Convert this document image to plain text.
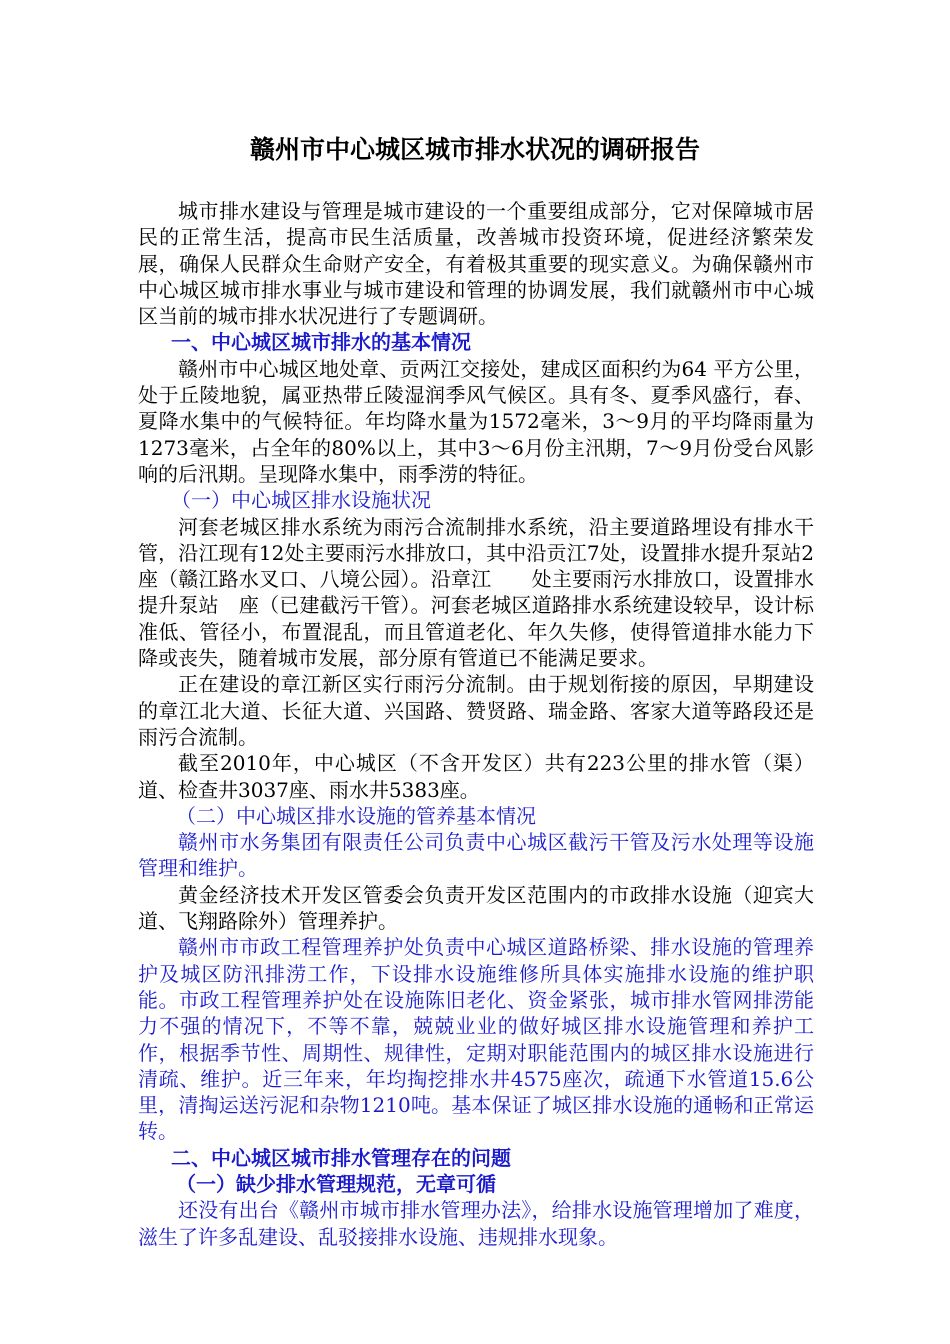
赣州市中心城区城市排水状况的调研报告

城市排水建设与管理是城市建设的一个重要组成部分，它对保障城市居民的正常生活，提高市民生活质量，改善城市投资环境，促进经济繁荣发展，确保人民群众生命财产安全，有着极其重要的现实意义。为确保赣州市中心城区城市排水事业与城市建设和管理的协调发展，我们就赣州市中心城区当前的城市排水状况进行了专题调研。

一、中心城区城市排水的基本情况

赣州市中心城区地处章、贡两江交接处，建成区面积约为64 平方公里，处于丘陵地貌，属亚热带丘陵湿润季风气候区。具有冬、夏季风盛行，春、夏降水集中的气候特征。年均降水量为1572毫米，3～9月的平均降雨量为1273毫米，占全年的80%以上，其中3～6月份主汛期，7～9月份受台风影响的后汛期。呈现降水集中，雨季涝的特征。

（一）中心城区排水设施状况

河套老城区排水系统为雨污合流制排水系统，沿主要道路埋设有排水干管，沿江现有12处主要雨污水排放口，其中沿贡江7处，设置排水提升泵站2座（赣江路水叉口、八境公园）。沿章江　　处主要雨污水排放口，设置排水提升泵站　座（已建截污干管）。河套老城区道路排水系统建设较早，设计标准低、管径小，布置混乱，而且管道老化、年久失修，使得管道排水能力下降或丧失，随着城市发展，部分原有管道已不能满足要求。

正在建设的章江新区实行雨污分流制。由于规划衔接的原因，早期建设的章江北大道、长征大道、兴国路、赞贤路、瑞金路、客家大道等路段还是雨污合流制。

截至2010年，中心城区（不含开发区）共有223公里的排水管（渠）道、检查井3037座、雨水井5383座。

（二）中心城区排水设施的管养基本情况

赣州市水务集团有限责任公司负责中心城区截污干管及污水处理等设施管理和维护。

黄金经济技术开发区管委会负责开发区范围内的市政排水设施（迎宾大道、飞翔路除外）管理养护。

赣州市市政工程管理养护处负责中心城区道路桥梁、排水设施的管理养护及城区防汛排涝工作，下设排水设施维修所具体实施排水设施的维护职能。市政工程管理养护处在设施陈旧老化、资金紧张，城市排水管网排涝能力不强的情况下，不等不靠，兢兢业业的做好城区排水设施管理和养护工作，根据季节性、周期性、规律性，定期对职能范围内的城区排水设施进行清疏、维护。近三年来，年均掏挖排水井4575座次，疏通下水管道15.6公里，清掏运送污泥和杂物1210吨。基本保证了城区排水设施的通畅和正常运转。

二、中心城区城市排水管理存在的问题

（一）缺少排水管理规范，无章可循

还没有出台《赣州市城市排水管理办法》，给排水设施管理增加了难度，滋生了许多乱建设、乱驳接排水设施、违规排水现象。
